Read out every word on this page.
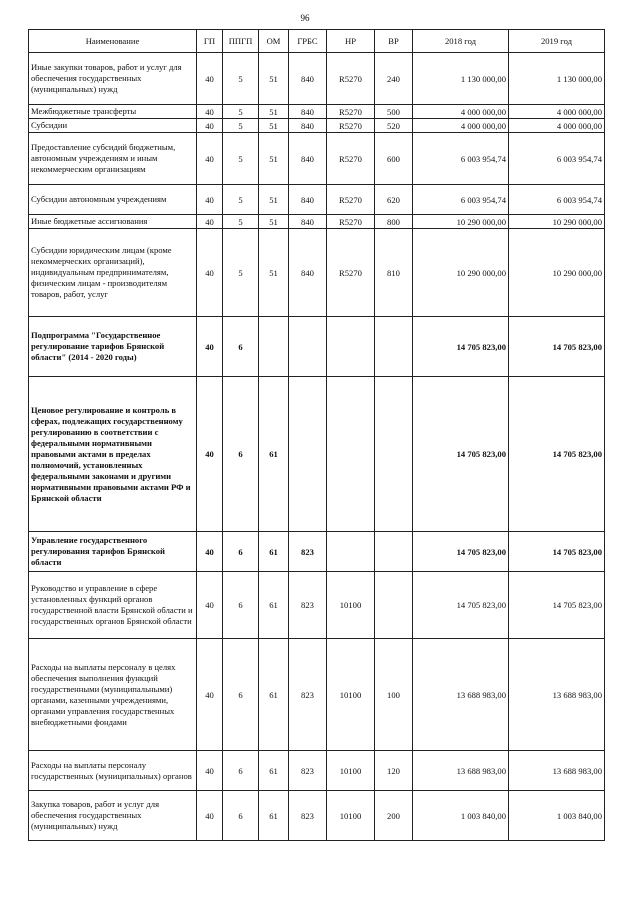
96
Наименование	ГП	ППГП	ОМ	ГРБС	НР	ВР	2018 год	2019 год
Иные закупки товаров, работ и услуг для обеспечения государственных (муниципальных) нужд	40	5	51	840	R5270	240	1 130 000,00	1 130 000,00
Межбюджетные трансферты	40	5	51	840	R5270	500	4 000 000,00	4 000 000,00
Субсидии	40	5	51	840	R5270	520	4 000 000,00	4 000 000,00
Предоставление субсидий бюджетным, автономным учреждениям и иным некоммерческим организациям	40	5	51	840	R5270	600	6 003 954,74	6 003 954,74
Субсидии автономным учреждениям	40	5	51	840	R5270	620	6 003 954,74	6 003 954,74
Иные бюджетные ассигнования	40	5	51	840	R5270	800	10 290 000,00	10 290 000,00
Субсидии юридическим лицам (кроме некоммерческих организаций), индивидуальным предпринимателям, физическим лицам - производителям товаров, работ, услуг	40	5	51	840	R5270	810	10 290 000,00	10 290 000,00
Подпрограмма "Государственное регулирование тарифов Брянской области" (2014 - 2020 годы)	40	6					14 705 823,00	14 705 823,00
Ценовое регулирование и контроль в сферах, подлежащих государственному регулированию в соответствии с федеральными нормативными правовыми актами в пределах полномочий, установленных федеральными законами и другими нормативными правовыми актами РФ и Брянской области	40	6	61				14 705 823,00	14 705 823,00
Управление государственного регулирования тарифов Брянской области	40	6	61	823			14 705 823,00	14 705 823,00
Руководство и управление в сфере установленных функций органов государственной власти Брянской области и государственных органов Брянской области	40	6	61	823	10100		14 705 823,00	14 705 823,00
Расходы на выплаты персоналу в целях обеспечения выполнения функций государственными (муниципальными) органами, казенными учреждениями, органами управления государственных внебюджетными фондами	40	6	61	823	10100	100	13 688 983,00	13 688 983,00
Расходы на выплаты персоналу государственных (муниципальных) органов	40	6	61	823	10100	120	13 688 983,00	13 688 983,00
Закупка товаров, работ и услуг для обеспечения государственных (муниципальных) нужд	40	6	61	823	10100	200	1 003 840,00	1 003 840,00
